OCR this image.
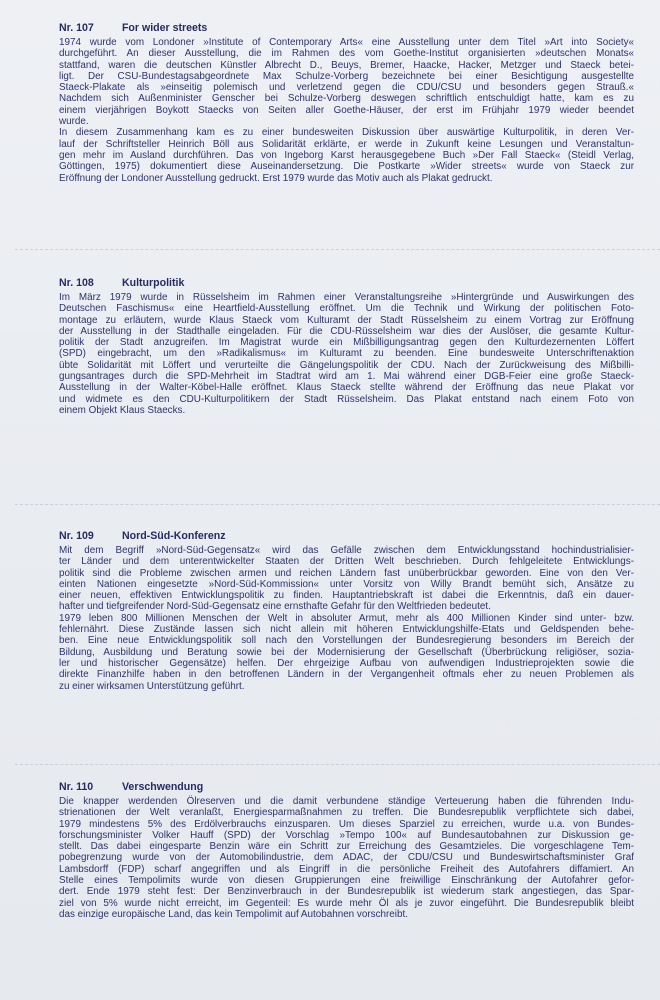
Nr. 107	For wider streets
1974 wurde vom Londoner »Institute of Contemporary Arts« eine Ausstellung unter dem Titel »Art into Society«
durchgeführt. An dieser Ausstellung, die im Rahmen des vom Goethe-Institut organisierten »deutschen Monats«
stattfand, waren die deutschen Künstler Albrecht D., Beuys, Bremer, Haacke, Hacker, Metzger und Staeck betei-
ligt. Der CSU-Bundestagsabgeordnete Max Schulze-Vorberg bezeichnete bei einer Besichtigung ausgestellte
Staeck-Plakate als »einseitig polemisch und verletzend gegen die CDU/CSU und besonders gegen Strauß.«
Nachdem sich Außenminister Genscher bei Schulze-Vorberg deswegen schriftlich entschuldigt hatte, kam es zu
einem vierjährigen Boykott Staecks von Seiten aller Goethe-Häuser, der erst im Frühjahr 1979 wieder beendet
wurde.
In diesem Zusammenhang kam es zu einer bundesweiten Diskussion über auswärtige Kulturpolitik, in deren Ver-
lauf der Schriftsteller Heinrich Böll aus Solidarität erklärte, er werde in Zukunft keine Lesungen und Veranstaltun-
gen mehr im Ausland durchführen. Das von Ingeborg Karst herausgegebene Buch »Der Fall Staeck« (Steidl Verlag,
Göttingen, 1975) dokumentiert diese Auseinandersetzung. Die Postkarte »Wider streets« wurde von Staeck zur
Eröffnung der Londoner Ausstellung gedruckt. Erst 1979 wurde das Motiv auch als Plakat gedruckt.
Nr. 108	Kulturpolitik
Im März 1979 wurde in Rüsselsheim im Rahmen einer Veranstaltungsreihe »Hintergründe und Auswirkungen des
Deutschen Faschismus« eine Heartfield-Ausstellung eröffnet. Um die Technik und Wirkung der politischen Foto-
montage zu erläutern, wurde Klaus Staeck vom Kulturamt der Stadt Rüsselsheim zu einem Vortrag zur Eröffnung
der Ausstellung in der Stadthalle eingeladen. Für die CDU-Rüsselsheim war dies der Auslöser, die gesamte Kultur-
politik der Stadt anzugreifen. Im Magistrat wurde ein Mißbilligungsantrag gegen den Kulturdezernenten Löffert
(SPD) eingebracht, um den »Radikalismus« im Kulturamt zu beenden. Eine bundesweite Unterschriftenaktion
übte Solidarität mit Löffert und verurteilte die Gängelungspolitik der CDU. Nach der Zurückweisung des Mißbilli-
gungsantrages durch die SPD-Mehrheit im Stadtrat wird am 1. Mai während einer DGB-Feier eine große Staeck-
Ausstellung in der Walter-Köbel-Halle eröffnet. Klaus Staeck stellte während der Eröffnung das neue Plakat vor
und widmete es den CDU-Kulturpolitikern der Stadt Rüsselsheim. Das Plakat entstand nach einem Foto von
einem Objekt Klaus Staecks.
Nr. 109	Nord-Süd-Konferenz
Mit dem Begriff »Nord-Süd-Gegensatz« wird das Gefälle zwischen dem Entwicklungsstand hochindustrialisier-
ter Länder und dem unterentwickelter Staaten der Dritten Welt beschrieben. Durch fehlgeleitete Entwicklungs-
politik sind die Probleme zwischen armen und reichen Ländern fast unüberbrückbar geworden. Eine von den Ver-
einten Nationen eingesetzte »Nord-Süd-Kommission« unter Vorsitz von Willy Brandt bemüht sich, Ansätze zu
einer neuen, effektiven Entwicklungspolitik zu finden. Hauptantriebskraft ist dabei die Erkenntnis, daß ein dauer-
hafter und tiefgreifender Nord-Süd-Gegensatz eine ernsthafte Gefahr für den Weltfrieden bedeutet.
1979 leben 800 Millionen Menschen der Welt in absoluter Armut, mehr als 400 Millionen Kinder sind unter- bzw.
fehlernährt. Diese Zustände lassen sich nicht allein mit höheren Entwicklungshilfe-Etats und Geldspenden behe-
ben. Eine neue Entwicklungspolitik soll nach den Vorstellungen der Bundesregierung besonders im Bereich der
Bildung, Ausbildung und Beratung sowie bei der Modernisierung der Gesellschaft (Überbrückung religiöser, sozia-
ler und historischer Gegensätze) helfen. Der ehrgeizige Aufbau von aufwendigen Industrieprojekten sowie die
direkte Finanzhilfe haben in den betroffenen Ländern in der Vergangenheit oftmals eher zu neuen Problemen als
zu einer wirksamen Unterstützung geführt.
Nr. 110	Verschwendung
Die knapper werdenden Ölreserven und die damit verbundene ständige Verteuerung haben die führenden Indu-
strienationen der Welt veranlaßt, Energiesparmaßnahmen zu treffen. Die Bundesrepublik verpflichtete sich dabei,
1979 mindestens 5% des Erdölverbrauchs einzusparen. Um dieses Sparziel zu erreichen, wurde u.a. von Bundes-
forschungsminister Volker Hauff (SPD) der Vorschlag »Tempo 100« auf Bundesautobahnen zur Diskussion ge-
stellt. Das dabei eingesparte Benzin wäre ein Schritt zur Erreichung des Gesamtzieles. Die vorgeschlagene Tem-
pobegrenzung wurde von der Automobilindustrie, dem ADAC, der CDU/CSU und Bundeswirtschaftsminister Graf
Lambsdorff (FDP) scharf angegriffen und als Eingriff in die persönliche Freiheit des Autofahrers diffamiert. An
Stelle eines Tempolimits wurde von diesen Gruppierungen eine freiwillige Einschränkung der Autofahrer gefor-
dert. Ende 1979 steht fest: Der Benzinverbrauch in der Bundesrepublik ist wiederum stark angestiegen, das Spar-
ziel von 5% wurde nicht erreicht, im Gegenteil: Es wurde mehr Öl als je zuvor eingeführt. Die Bundesrepublik bleibt
das einzige europäische Land, das kein Tempolimit auf Autobahnen vorschreibt.
